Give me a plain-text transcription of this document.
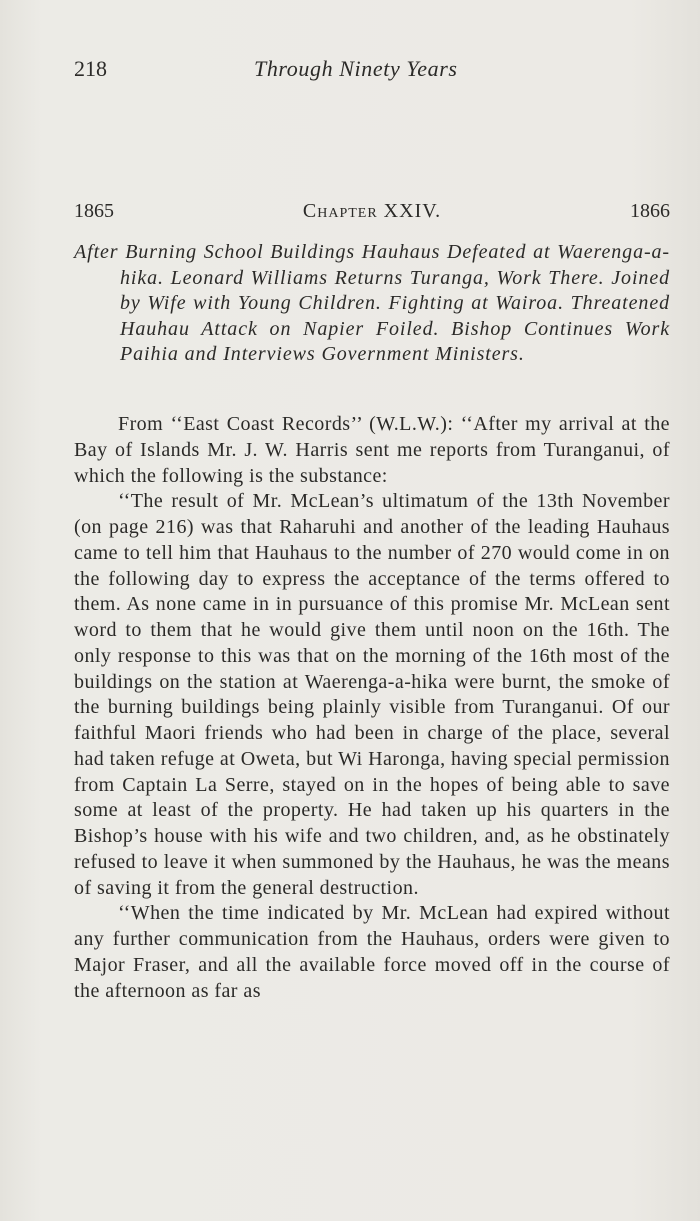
218	Through Ninety Years
1865	Chapter XXIV.	1866
After Burning School Buildings Hauhaus Defeated at Waerenga-a-hika. Leonard Williams Returns Turanga, Work There. Joined by Wife with Young Children. Fighting at Wairoa. Threatened Hauhau Attack on Napier Foiled. Bishop Continues Work Paihia and Interviews Government Ministers.

From ‘‘East Coast Records’’ (W.L.W.): ‘‘After my arrival at the Bay of Islands Mr. J. W. Harris sent me reports from Turanganui, of which the following is the substance:

‘‘The result of Mr. McLean’s ultimatum of the 13th November (on page 216) was that Raharuhi and another of the leading Hauhaus came to tell him that Hauhaus to the number of 270 would come in on the following day to express the acceptance of the terms offered to them. As none came in in pursuance of this promise Mr. McLean sent word to them that he would give them until noon on the 16th. The only response to this was that on the morning of the 16th most of the buildings on the station at Waerenga-a-hika were burnt, the smoke of the burning buildings being plainly visible from Turanganui. Of our faithful Maori friends who had been in charge of the place, several had taken refuge at Oweta, but Wi Haronga, having special permission from Captain La Serre, stayed on in the hopes of being able to save some at least of the property. He had taken up his quarters in the Bishop’s house with his wife and two children, and, as he obstinately refused to leave it when summoned by the Hauhaus, he was the means of saving it from the general destruction.

‘‘When the time indicated by Mr. McLean had expired without any further communication from the Hauhaus, orders were given to Major Fraser, and all the available force moved off in the course of the afternoon as far as
